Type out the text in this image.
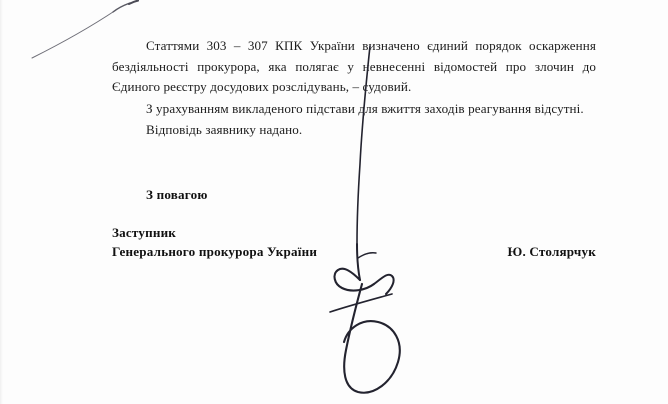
Статтями 303 – 307 КПК України визначено єдиний порядок оскарження бездіяльності прокурора, яка полягає у невнесенні відомостей про злочин до Єдиного реєстру досудових розслідувань, – судовий.

З урахуванням викладеного підстави для вжиття заходів реагування відсутні.

Відповідь заявнику надано.

З повагою
Заступник
Генерального прокурора України	Ю. Столярчук
